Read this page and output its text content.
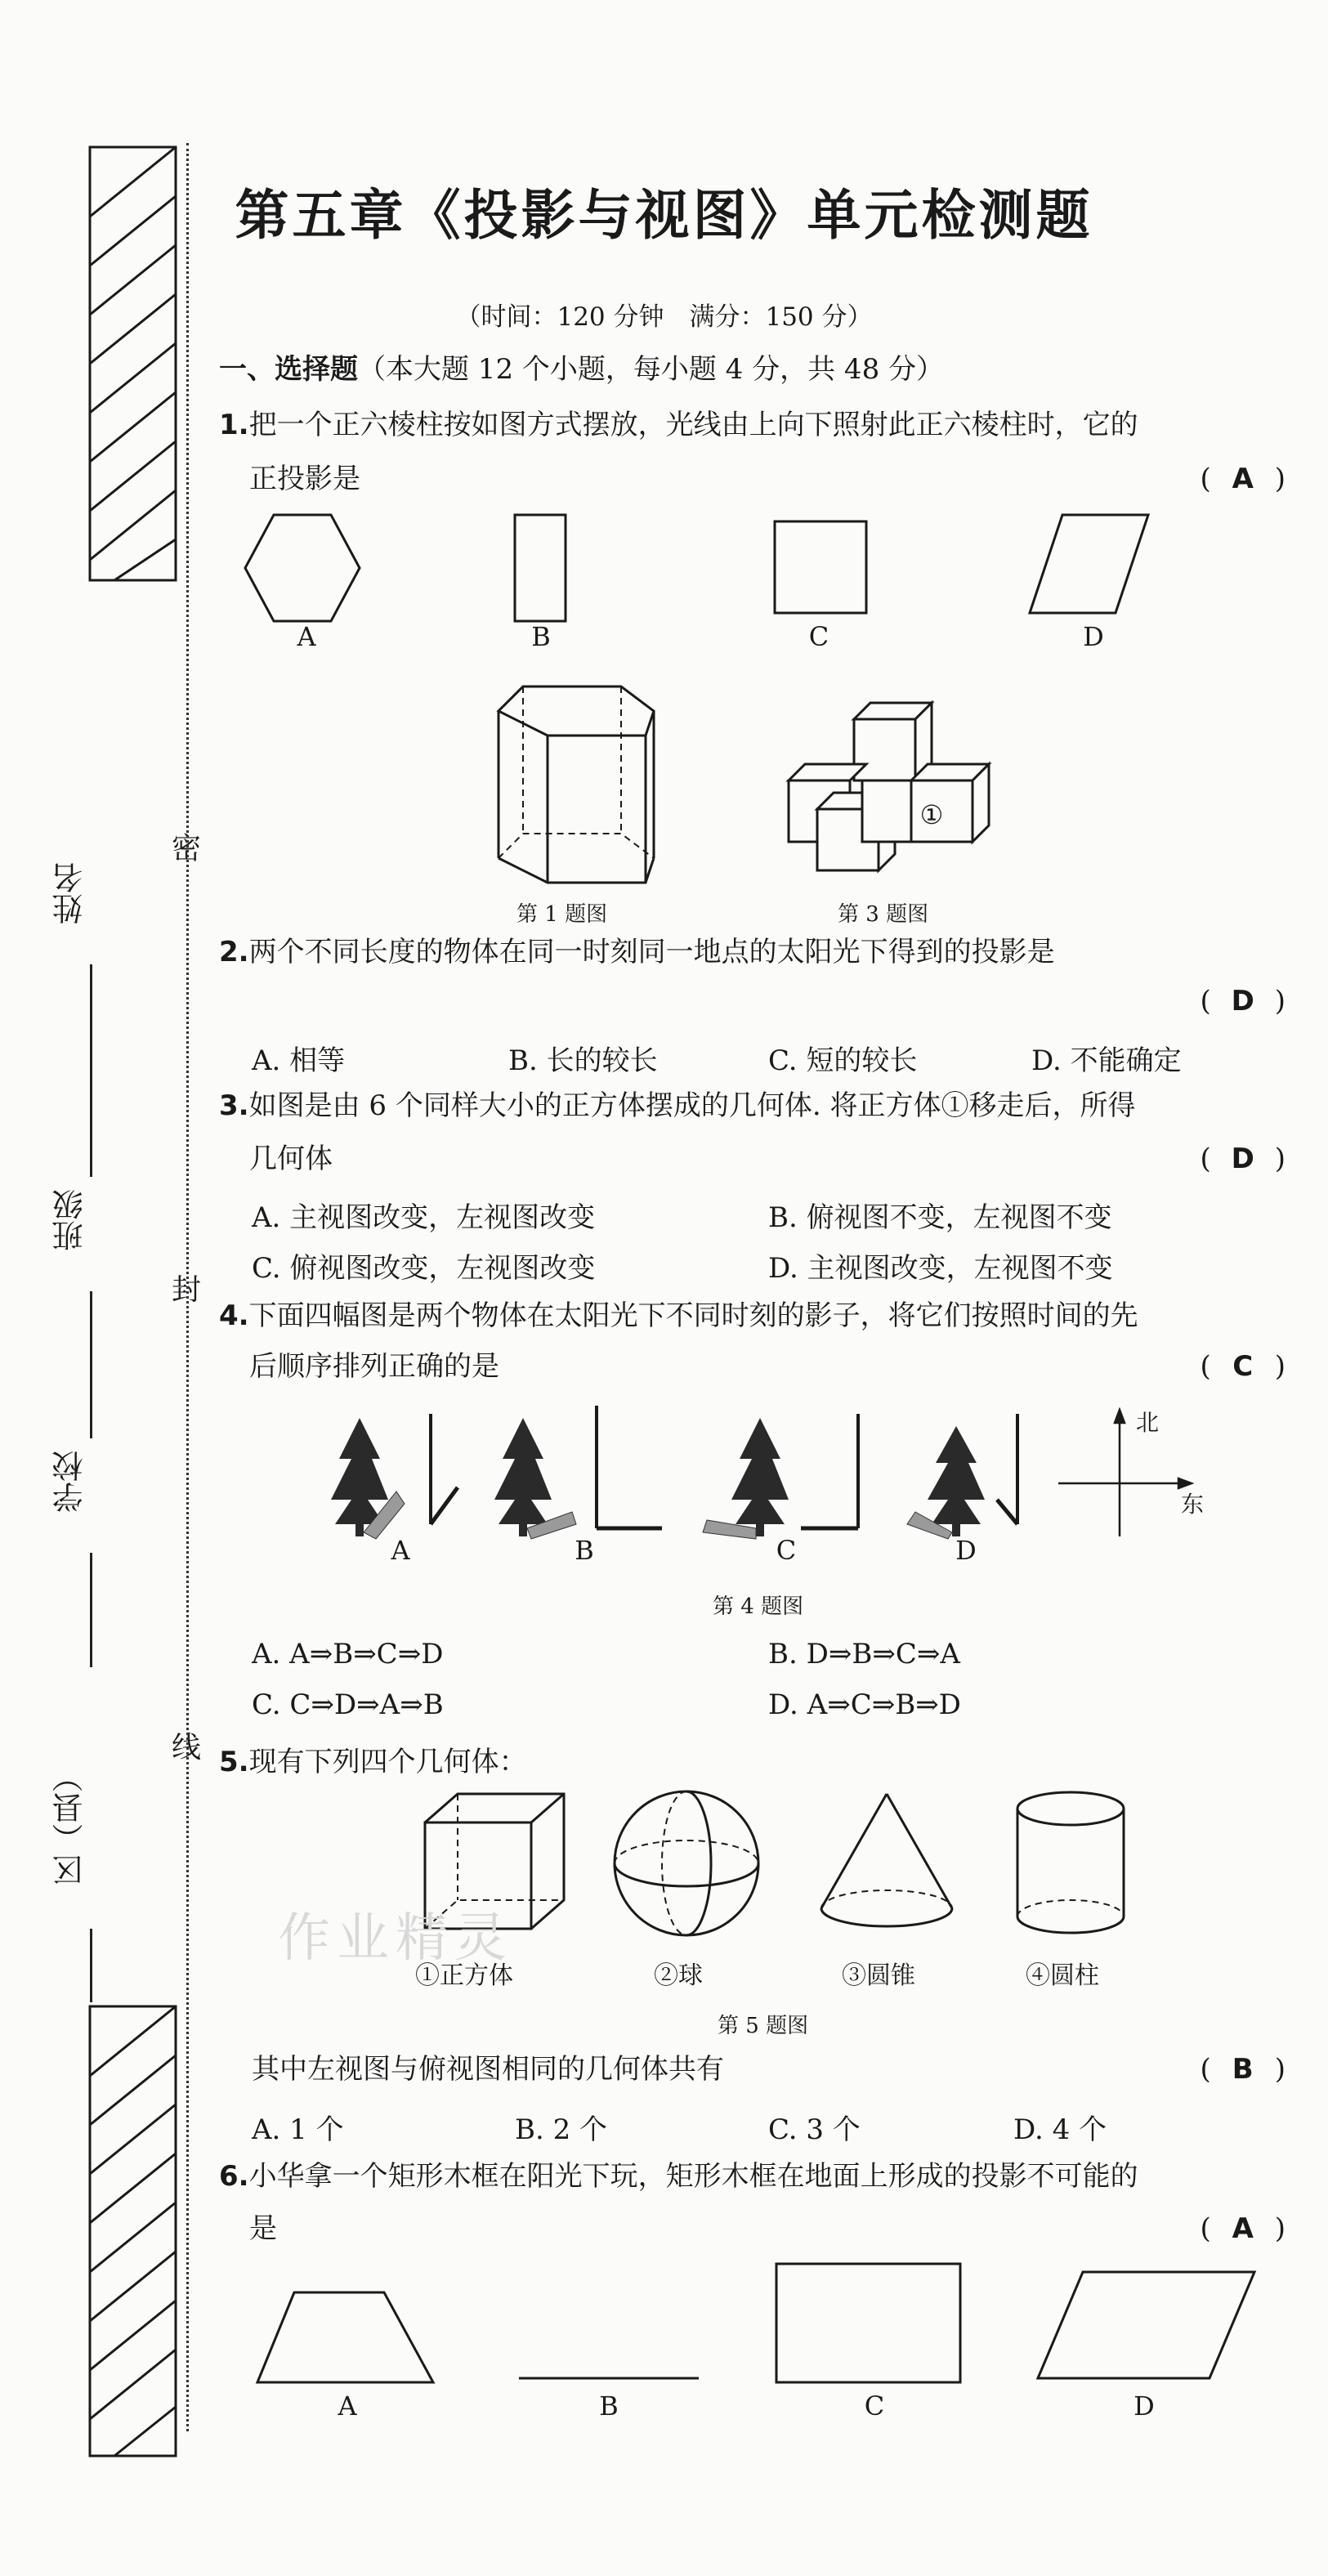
姓名
班级
学校
区（县）
密
封
线
第五章《投影与视图》单元检测题
（时间：120 分钟　满分：150 分）
一、选择题（本大题 12 个小题，每小题 4 分，共 48 分）
1.把一个正六棱柱按如图方式摆放，光线由上向下照射此正六棱柱时，它的
正投影是	( A )
A	B	C	D
第 1 题图
①
第 3 题图
2.两个不同长度的物体在同一时刻同一地点的太阳光下得到的投影是
( D )
A. 相等	B. 长的较长	C. 短的较长	D. 不能确定
3.如图是由 6 个同样大小的正方体摆成的几何体. 将正方体①移走后，所得
几何体	( D )
A. 主视图改变，左视图改变	B. 俯视图不变，左视图不变
C. 俯视图改变，左视图改变	D. 主视图改变，左视图不变
4.下面四幅图是两个物体在太阳光下不同时刻的影子，将它们按照时间的先
后顺序排列正确的是	( C )
北
东
A	B	C	D
第 4 题图
A. A⇒B⇒C⇒D	B. D⇒B⇒C⇒A
C. C⇒D⇒A⇒B	D. A⇒C⇒B⇒D
5.现有下列四个几何体：
①正方体	②球	③圆锥	④圆柱
第 5 题图
其中左视图与俯视图相同的几何体共有	( B )
A. 1 个	B. 2 个	C. 3 个	D. 4 个
6.小华拿一个矩形木框在阳光下玩，矩形木框在地面上形成的投影不可能的
是	( A )
A	B	C	D
作业精灵
